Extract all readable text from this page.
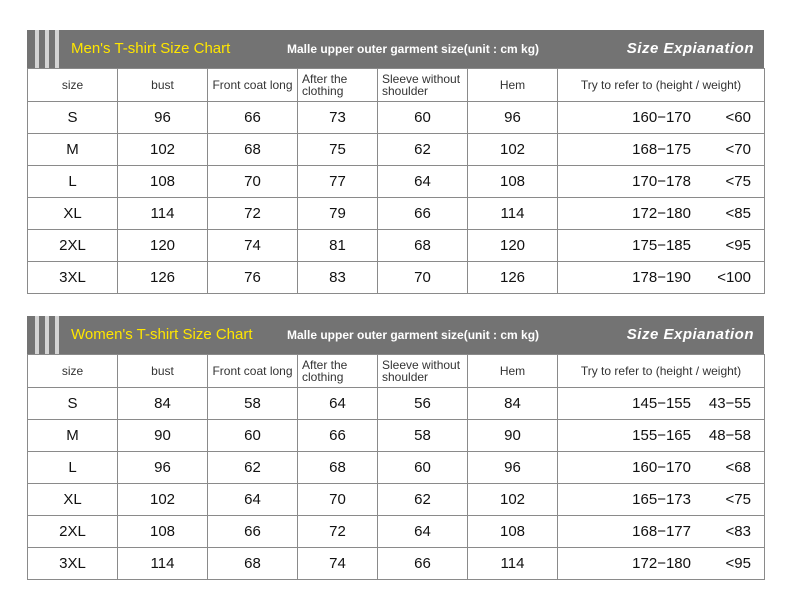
Men's T-shirt Size Chart	Malle upper outer garment size(unit : cm kg)	Size Expianation
size	bust	Front coat long	After the clothing	Sleeve without shoulder	Hem	Try to refer to (height / weight)
S	96	66	73	60	96	160−170 <60
M	102	68	75	62	102	168−175 <70
L	108	70	77	64	108	170−178 <75
XL	114	72	79	66	114	172−180 <85
2XL	120	74	81	68	120	175−185 <95
3XL	126	76	83	70	126	178−190 <100
Women's T-shirt Size Chart	Malle upper outer garment size(unit : cm kg)	Size Expianation
size	bust	Front coat long	After the clothing	Sleeve without shoulder	Hem	Try to refer to (height / weight)
S	84	58	64	56	84	145−155 43−55
M	90	60	66	58	90	155−165 48−58
L	96	62	68	60	96	160−170 <68
XL	102	64	70	62	102	165−173 <75
2XL	108	66	72	64	108	168−177 <83
3XL	114	68	74	66	114	172−180 <95
